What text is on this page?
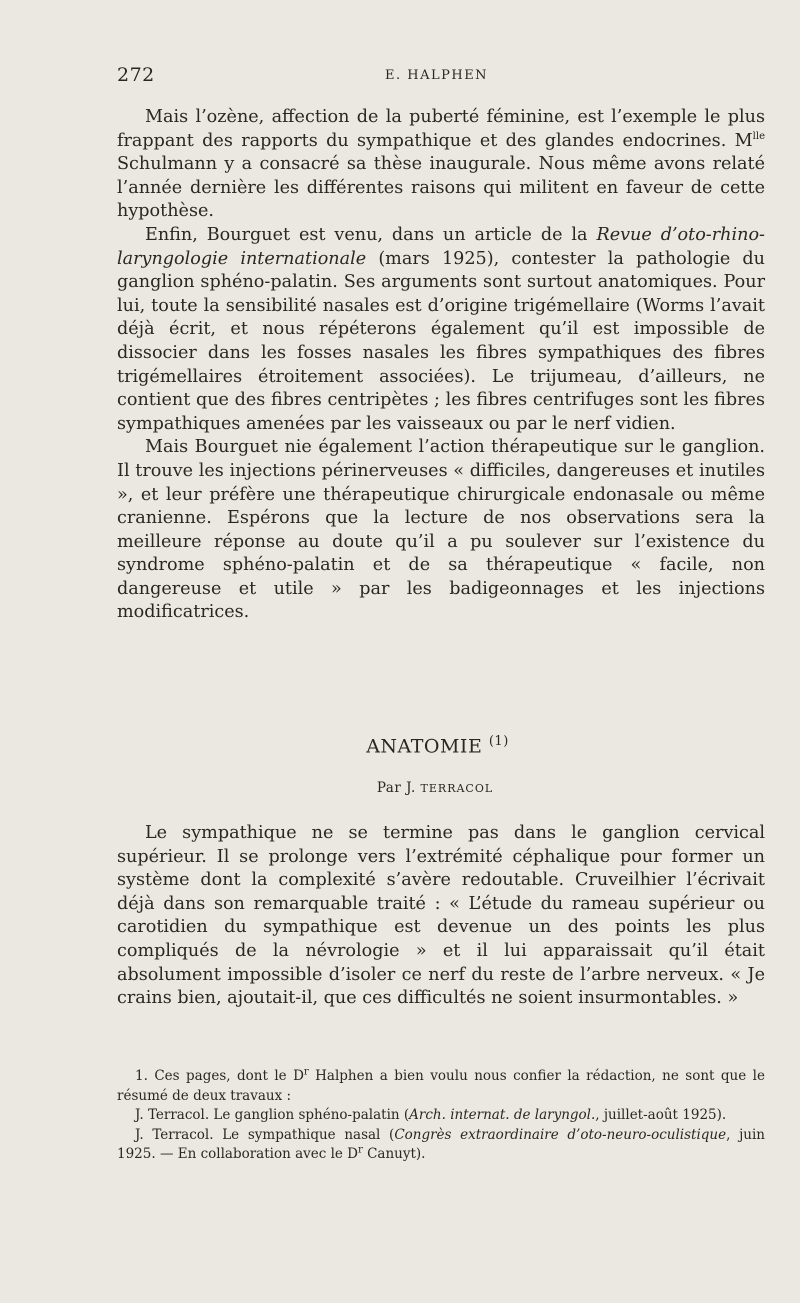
272	E. HALPHEN

Mais l’ozène, affection de la puberté féminine, est l’exemple le plus frappant des rapports du sympathique et des glandes endocrines. $M^{lle}$ Schulmann y a consacré sa thèse inaugurale. Nous même avons relaté l’année dernière les différentes raisons qui militent en faveur de cette hypothèse.

Enfin, Bourguet est venu, dans un article de la Revue d’oto-rhino-laryngologie internationale (mars 1925), contester la pathologie du ganglion sphéno-palatin. Ses arguments sont surtout anatomiques. Pour lui, toute la sensibilité nasales est d’origine trigémellaire (Worms l’avait déjà écrit, et nous répéterons également qu’il est impossible de dissocier dans les fosses nasales les fibres sympathiques des fibres trigémellaires étroitement associées). Le trijumeau, d’ailleurs, ne contient que des fibres centripètes ; les fibres centrifuges sont les fibres sympathiques amenées par les vaisseaux ou par le nerf vidien.

Mais Bourguet nie également l’action thérapeutique sur le ganglion. Il trouve les injections périnerveuses « difficiles, dangereuses et inutiles », et leur préfère une thérapeutique chirurgicale endonasale ou même cranienne. Espérons que la lecture de nos observations sera la meilleure réponse au doute qu’il a pu soulever sur l’existence du syndrome sphéno-palatin et de sa thérapeutique « facile, non dangereuse et utile » par les badigeonnages et les injections modificatrices.

ANATOMIE $^{(1)}$
Par J. TERRACOL

Le sympathique ne se termine pas dans le ganglion cervical supérieur. Il se prolonge vers l’extrémité céphalique pour former un système dont la complexité s’avère redoutable. Cruveilhier l’écrivait déjà dans son remarquable traité : « L’étude du rameau supérieur ou carotidien du sympathique est devenue un des points les plus compliqués de la névrologie » et il lui apparaissait qu’il était absolument impossible d’isoler ce nerf du reste de l’arbre nerveux. « Je crains bien, ajoutait-il, que ces difficultés ne soient insurmontables. »

1. Ces pages, dont le $D^r$ Halphen a bien voulu nous confier la rédaction, ne sont que le résumé de deux travaux :

J. Terracol. Le ganglion sphéno-palatin (Arch. internat. de laryngol., juillet-août 1925).

J. Terracol. Le sympathique nasal (Congrès extraordinaire d’oto-neuro-oculistique, juin 1925. — En collaboration avec le $D^r$ Canuyt).
